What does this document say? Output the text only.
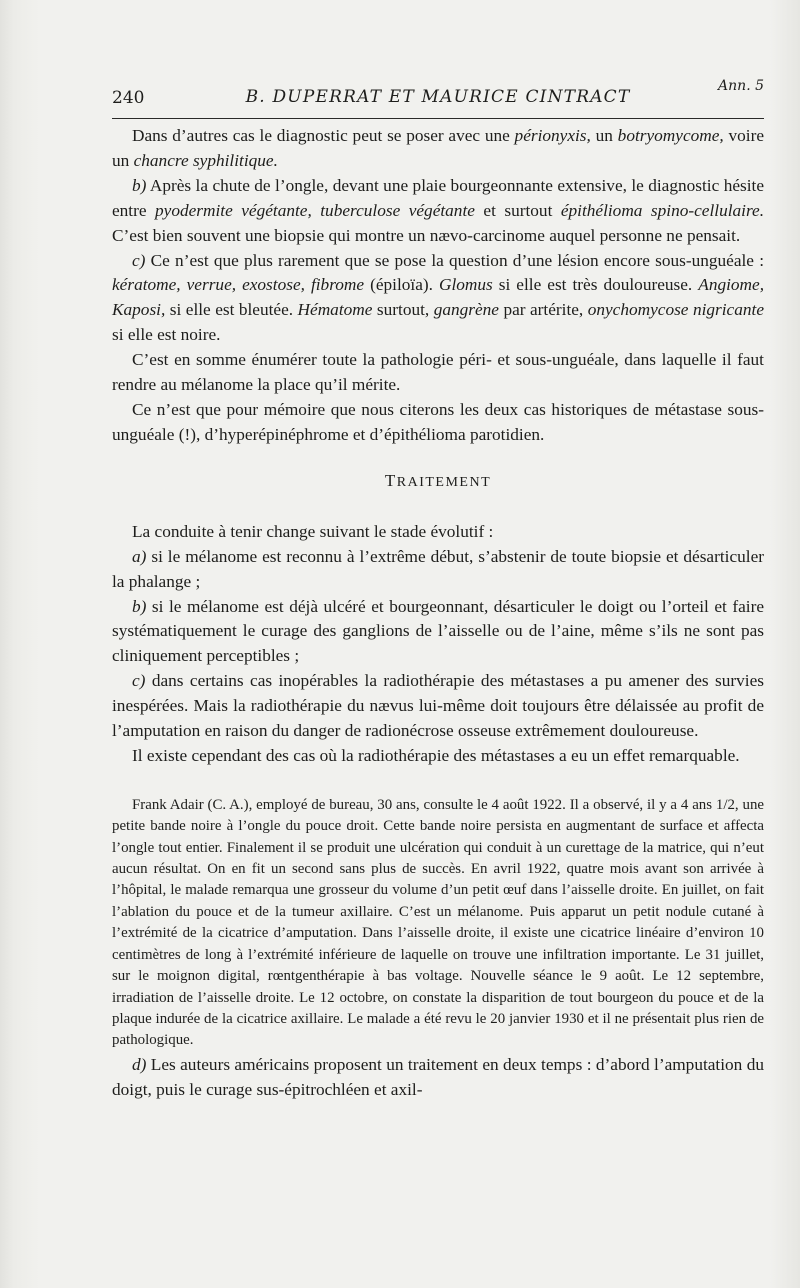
Ann. 5
240	B. DUPERRAT ET MAURICE CINTRACT

Dans d’autres cas le diagnostic peut se poser avec une périonyxis, un botryomycome, voire un chancre syphilitique.

b) Après la chute de l’ongle, devant une plaie bourgeonnante extensive, le diagnostic hésite entre pyodermite végétante, tuberculose végétante et surtout épithélioma spino-cellulaire. C’est bien souvent une biopsie qui montre un nævo-carcinome auquel personne ne pensait.

c) Ce n’est que plus rarement que se pose la question d’une lésion encore sous-unguéale : kératome, verrue, exostose, fibrome (épiloïa). Glomus si elle est très douloureuse. Angiome, Kaposi, si elle est bleutée. Hématome surtout, gangrène par artérite, onychomycose nigricante si elle est noire.

C’est en somme énumérer toute la pathologie péri- et sous-unguéale, dans laquelle il faut rendre au mélanome la place qu’il mérite.

Ce n’est que pour mémoire que nous citerons les deux cas historiques de métastase sous-unguéale (!), d’hyperépinéphrome et d’épithélioma parotidien.

TRAITEMENT

La conduite à tenir change suivant le stade évolutif :

a) si le mélanome est reconnu à l’extrême début, s’abstenir de toute biopsie et désarticuler la phalange ;

b) si le mélanome est déjà ulcéré et bourgeonnant, désarticuler le doigt ou l’orteil et faire systématiquement le curage des ganglions de l’aisselle ou de l’aine, même s’ils ne sont pas cliniquement perceptibles ;

c) dans certains cas inopérables la radiothérapie des métastases a pu amener des survies inespérées. Mais la radiothérapie du nævus lui-même doit toujours être délaissée au profit de l’amputation en raison du danger de radionécrose osseuse extrêmement douloureuse.

Il existe cependant des cas où la radiothérapie des métastases a eu un effet remarquable.

Frank Adair (C. A.), employé de bureau, 30 ans, consulte le 4 août 1922. Il a observé, il y a 4 ans 1/2, une petite bande noire à l’ongle du pouce droit. Cette bande noire persista en augmentant de surface et affecta l’ongle tout entier. Finalement il se produit une ulcération qui conduit à un curettage de la matrice, qui n’eut aucun résultat. On en fit un second sans plus de succès. En avril 1922, quatre mois avant son arrivée à l’hôpital, le malade remarqua une grosseur du volume d’un petit œuf dans l’aisselle droite. En juillet, on fait l’ablation du pouce et de la tumeur axillaire. C’est un mélanome. Puis apparut un petit nodule cutané à l’extrémité de la cicatrice d’amputation. Dans l’aisselle droite, il existe une cicatrice linéaire d’environ 10 centimètres de long à l’extrémité inférieure de laquelle on trouve une infiltration importante. Le 31 juillet, sur le moignon digital, rœntgenthérapie à bas voltage. Nouvelle séance le 9 août. Le 12 septembre, irradiation de l’aisselle droite. Le 12 octobre, on constate la disparition de tout bourgeon du pouce et de la plaque indurée de la cicatrice axillaire. Le malade a été revu le 20 janvier 1930 et il ne présentait plus rien de pathologique.

d) Les auteurs américains proposent un traitement en deux temps : d’abord l’amputation du doigt, puis le curage sus-épitrochléen et axil-
